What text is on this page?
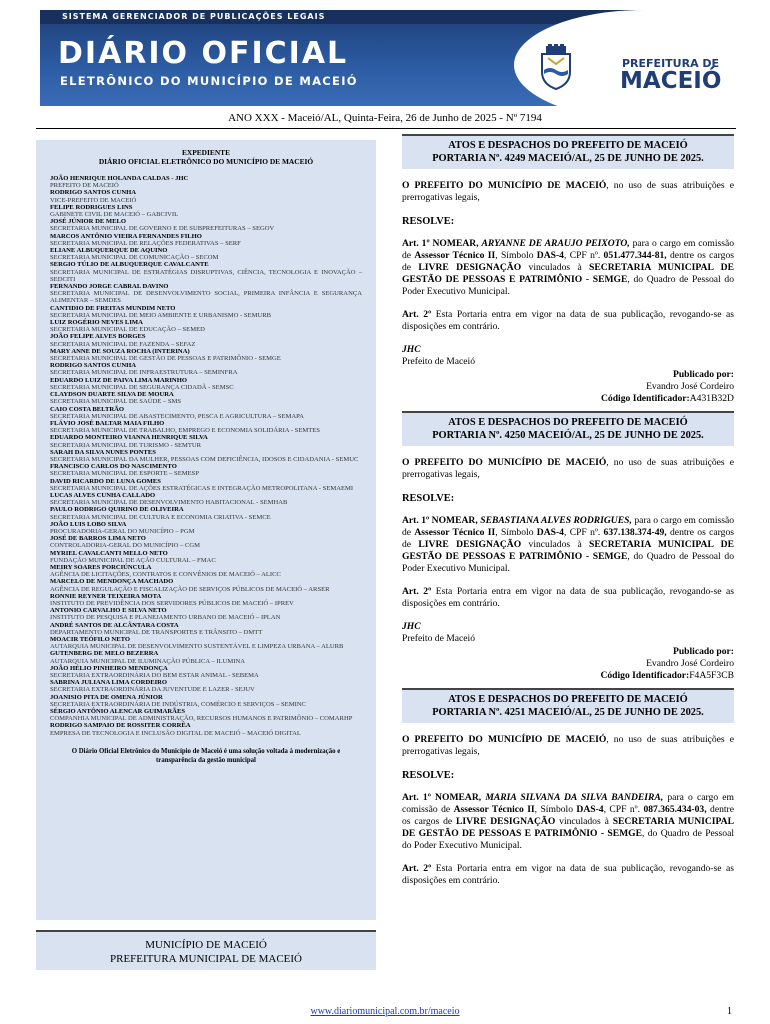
SISTEMA GERENCIADOR DE PUBLICAÇÕES LEGAIS
DIÁRIO OFICIAL
ELETRÔNICO DO MUNICÍPIO DE MACEIÓ
PREFEITURA DE
MACEIÓ
ANO XXX - Maceió/AL, Quinta-Feira, 26 de Junho de 2025 - Nº 7194
EXPEDIENTE
DIÁRIO OFICIAL ELETRÔNICO DO MUNICÍPIO DE MACEIÓ
JOÃO HENRIQUE HOLANDA CALDAS - JHC
PREFEITO DE MACEIÓ
RODRIGO SANTOS CUNHA
VICE-PREFEITO DE MACEIÓ
FELIPE RODRIGUES LINS
GABINETE CIVIL DE MACEIÓ – GABCIVIL
JOSÉ JÚNIOR DE MELO
SECRETARIA MUNICIPAL DE GOVERNO E DE SUBPREFEITURAS – SEGOV
MARCOS ANTÔNIO VIEIRA FERNANDES FILHO
SECRETARIA MUNICIPAL DE RELAÇÕES FEDERATIVAS – SERF
ELIANE ALBUQUERQUE DE AQUINO
SECRETARIA MUNICIPAL DE COMUNICAÇÃO – SECOM
SERGIO TÚLIO DE ALBUQUERQUE CAVALCANTE
SECRETARIA MUNICIPAL DE ESTRATÉGIAS DISRUPTIVAS, CIÊNCIA, TECNOLOGIA E INOVAÇÃO – SEDCITI
FERNANDO JORGE CABRAL DAVINO
SECRETARIA MUNICIPAL DE DESENVOLVIMENTO SOCIAL, PRIMEIRA INFÂNCIA E SEGURANÇA ALIMENTAR – SEMDES
CANTIDIO DE FREITAS MUNDIM NETO
SECRETARIA MUNICIPAL DE MEIO AMBIENTE E URBANISMO - SEMURB
LUIZ ROGÉRIO NEVES LIMA
SECRETARIA MUNICIPAL DE EDUCAÇÃO – SEMED
JOÃO FELIPE ALVES BORGES
SECRETARIA MUNICIPAL DE FAZENDA – SEFAZ
MARY ANNE DE SOUZA ROCHA (INTERINA)
SECRETARIA MUNICIPAL DE GESTÃO DE PESSOAS E PATRIMÔNIO - SEMGE
RODRIGO SANTOS CUNHA
SECRETARIA MUNICIPAL DE INFRAESTRUTURA – SEMINFRA
EDUARDO LUIZ DE PAIVA LIMA MARINHO
SECRETARIA MUNICIPAL DE SEGURANÇA CIDADÃ - SEMSC
CLAYDSON DUARTE SILVA DE MOURA
SECRETARIA MUNICIPAL DE SAÚDE – SMS
CAIO COSTA BELTRÃO
SECRETARIA MUNICIPAL DE ABASTECIMENTO, PESCA E AGRICULTURA – SEMAPA
FLÁVIO JOSÉ BALTAR MAIA FILHO
SECRETARIA MUNICIPAL DE TRABALHO, EMPREGO E ECONOMIA SOLIDÁRIA - SEMTES
EDUARDO MONTEIRO VIANNA HENRIQUE SILVA
SECRETARIA MUNICIPAL DE TURISMO - SEMTUR
SARAH DA SILVA NUNES PONTES
SECRETARIA MUNICIPAL DA MULHER, PESSOAS COM DEFICIÊNCIA, IDOSOS E CIDADANIA - SEMUC
FRANCISCO CARLOS DO NASCIMENTO
SECRETARIA MUNICIPAL DE ESPORTE – SEMESP
DAVID RICARDO DE LUNA GOMES
SECRETARIA MUNICIPAL DE AÇÕES ESTRATÉGICAS E INTEGRAÇÃO METROPOLITANA - SEMAEMI
LUCAS ALVES CUNHA CALLADO
SECRETARIA MUNICIPAL DE DESENVOLVIMENTO HABITACIONAL - SEMHAB
PAULO RODRIGO QUIRINO DE OLIVEIRA
SECRETARIA MUNICIPAL DE CULTURA E ECONOMIA CRIATIVA - SEMCE
JOÃO LUIS LOBO SILVA
PROCURADORIA-GERAL DO MUNICÍPIO – PGM
JOSÉ DE BARROS LIMA NETO
CONTROLADORIA-GERAL DO MUNICÍPIO – CGM
MYRIEL CAVALCANTI MELLO NETO
FUNDAÇÃO MUNICIPAL DE AÇÃO CULTURAL – FMAC
MEIRY SOARES PORCIÚNCULA
AGÊNCIA DE LICITAÇÕES, CONTRATOS E CONVÊNIOS DE MACEIÓ – ALICC
MARCELO DE MENDONÇA MACHADO
AGÊNCIA DE REGULAÇÃO E FISCALIZAÇÃO DE SERVIÇOS PÚBLICOS DE MACEIÓ – ARSER
RONNIE REYNER TEIXEIRA MOTA
INSTITUTO DE PREVIDÊNCIA DOS SERVIDORES PÚBLICOS DE MACEIÓ – IPREV
ANTONIO CARVALHO E SILVA NETO
INSTITUTO DE PESQUISA E PLANEJAMENTO URBANO DE MACEIÓ – IPLAN
ANDRÉ SANTOS DE ALCÂNTARA COSTA
DEPARTAMENTO MUNICIPAL DE TRANSPORTES E TRÂNSITO – DMTT
MOACIR TEÓFILO NETO
AUTARQUIA MUNICIPAL DE DESENVOLVIMENTO SUSTENTÁVEL E LIMPEZA URBANA – ALURB
GUTENBERG DE MELO BEZERRA
AUTARQUIA MUNICIPAL DE ILUMINAÇÃO PÚBLICA – ILUMINA
JOÃO HÉLIO PINHEIRO MENDONÇA
SECRETARIA EXTRAORDINÁRIA DO BEM ESTAR ANIMAL - SEBEMA
SABRINA JULIANA LIMA CORDEIRO
SECRETARIA EXTRAORDINÁRIA DA JUVENTUDE E LAZER - SEJUV
JOANISIO PITA DE OMENA JÚNIOR
SECRETARIA EXTRAORDINÁRIA DE INDÚSTRIA, COMÉRCIO E SERVIÇOS – SEMINC
SÉRGIO ANTÔNIO ALENCAR GUIMARÃES
COMPANHIA MUNICIPAL DE ADMINISTRAÇÃO, RECURSOS HUMANOS E PATRIMÔNIO – COMARHP
RODRIGO SAMPAIO DE ROSSITER CORRÊA
EMPRESA DE TECNOLOGIA E INCLUSÃO DIGITAL DE MACEIÓ – MACEIÓ DIGITAL
O Diário Oficial Eletrônico do Município de Maceió é uma solução voltada à modernização e transparência da gestão municipal
MUNICÍPIO DE MACEIÓ
PREFEITURA MUNICIPAL DE MACEIÓ
ATOS E DESPACHOS DO PREFEITO DE MACEIÓ
PORTARIA Nº. 4249 MACEIÓ/AL, 25 DE JUNHO DE 2025.
O PREFEITO DO MUNICÍPIO DE MACEIÓ, no uso de suas atribuições e prerrogativas legais,
RESOLVE:
Art. 1º NOMEAR, ARYANNE DE ARAUJO PEIXOTO, para o cargo em comissão de Assessor Técnico II, Símbolo DAS-4, CPF nº. 051.477.344-81, dentre os cargos de LIVRE DESIGNAÇÃO vinculados à SECRETARIA MUNICIPAL DE GESTÃO DE PESSOAS E PATRIMÔNIO - SEMGE, do Quadro de Pessoal do Poder Executivo Municipal.
Art. 2º Esta Portaria entra em vigor na data de sua publicação, revogando-se as disposições em contrário.
JHC
Prefeito de Maceió
Publicado por:
Evandro José Cordeiro
Código Identificador:A431B32D
ATOS E DESPACHOS DO PREFEITO DE MACEIÓ
PORTARIA Nº. 4250 MACEIÓ/AL, 25 DE JUNHO DE 2025.
O PREFEITO DO MUNICÍPIO DE MACEIÓ, no uso de suas atribuições e prerrogativas legais,
RESOLVE:
Art. 1º NOMEAR, SEBASTIANA ALVES RODRIGUES, para o cargo em comissão de Assessor Técnico II, Símbolo DAS-4, CPF nº. 637.138.374-49, dentre os cargos de LIVRE DESIGNAÇÃO vinculados à SECRETARIA MUNICIPAL DE GESTÃO DE PESSOAS E PATRIMÔNIO - SEMGE, do Quadro de Pessoal do Poder Executivo Municipal.
Art. 2º Esta Portaria entra em vigor na data de sua publicação, revogando-se as disposições em contrário.
JHC
Prefeito de Maceió
Publicado por:
Evandro José Cordeiro
Código Identificador:F4A5F3CB
ATOS E DESPACHOS DO PREFEITO DE MACEIÓ
PORTARIA Nº. 4251 MACEIÓ/AL, 25 DE JUNHO DE 2025.
O PREFEITO DO MUNICÍPIO DE MACEIÓ, no uso de suas atribuições e prerrogativas legais,
RESOLVE:
Art. 1º NOMEAR, MARIA SILVANA DA SILVA BANDEIRA, para o cargo em comissão de Assessor Técnico II, Símbolo DAS-4, CPF nº. 087.365.434-03, dentre os cargos de LIVRE DESIGNAÇÃO vinculados à SECRETARIA MUNICIPAL DE GESTÃO DE PESSOAS E PATRIMÔNIO - SEMGE, do Quadro de Pessoal do Poder Executivo Municipal.
Art. 2º Esta Portaria entra em vigor na data de sua publicação, revogando-se as disposições em contrário.
www.diariomunicipal.com.br/maceio	1
